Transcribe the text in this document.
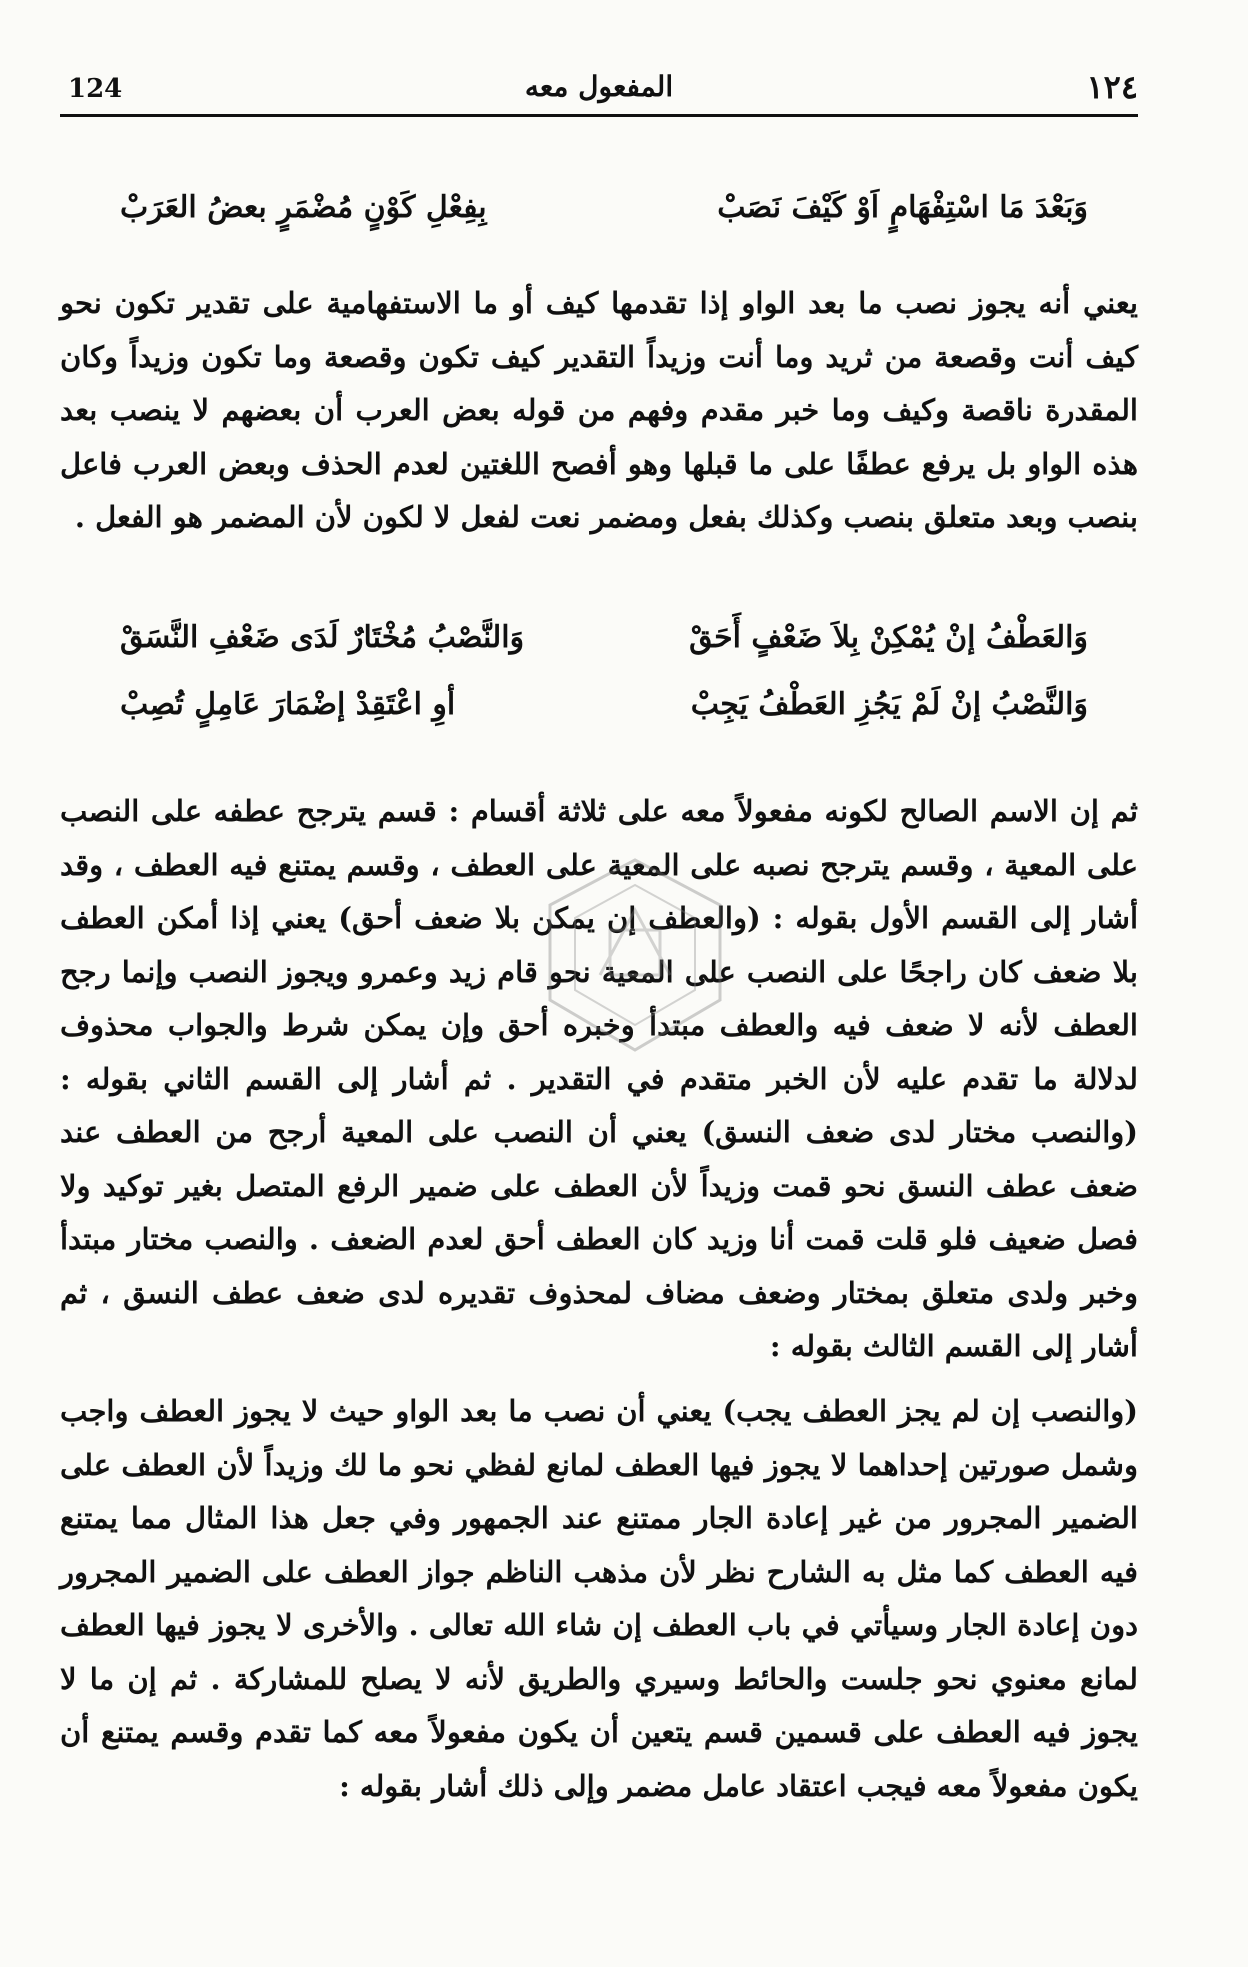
124	المفعول معه	١٢٤
وَبَعْدَ مَا اسْتِفْهَامٍ اَوْ كَيْفَ نَصَبْ
بِفِعْلِ كَوْنٍ مُضْمَرٍ بعضُ العَرَبْ
يعني أنه يجوز نصب ما بعد الواو إذا تقدمها كيف أو ما الاستفهامية على تقدير تكون نحو كيف أنت وقصعة من ثريد وما أنت وزيداً التقدير كيف تكون وقصعة وما تكون وزيداً وكان المقدرة ناقصة وكيف وما خبر مقدم وفهم من قوله بعض العرب أن بعضهم لا ينصب بعد هذه الواو بل يرفع عطفًا على ما قبلها وهو أفصح اللغتين لعدم الحذف وبعض العرب فاعل بنصب وبعد متعلق بنصب وكذلك بفعل ومضمر نعت لفعل لا لكون لأن المضمر هو الفعل .
وَالعَطْفُ إنْ يُمْكِنْ بِلاَ ضَعْفٍ أَحَقْ
وَالنَّصْبُ مُخْتَارٌ لَدَى ضَعْفِ النَّسَقْ
وَالنَّصْبُ إنْ لَمْ يَجُزِ العَطْفُ يَجِبْ
أوِ اعْتَقِدْ إضْمَارَ عَامِلٍ تُصِبْ
ثم إن الاسم الصالح لكونه مفعولاً معه على ثلاثة أقسام : قسم يترجح عطفه على النصب على المعية ، وقسم يترجح نصبه على المعية على العطف ، وقسم يمتنع فيه العطف ، وقد أشار إلى القسم الأول بقوله : (والعطف إن يمكن بلا ضعف أحق) يعني إذا أمكن العطف بلا ضعف كان راجحًا على النصب على المعية نحو قام زيد وعمرو ويجوز النصب وإنما رجح العطف لأنه لا ضعف فيه والعطف مبتدأ وخبره أحق وإن يمكن شرط والجواب محذوف لدلالة ما تقدم عليه لأن الخبر متقدم في التقدير . ثم أشار إلى القسم الثاني بقوله : (والنصب مختار لدى ضعف النسق) يعني أن النصب على المعية أرجح من العطف عند ضعف عطف النسق نحو قمت وزيداً لأن العطف على ضمير الرفع المتصل بغير توكيد ولا فصل ضعيف فلو قلت قمت أنا وزيد كان العطف أحق لعدم الضعف . والنصب مختار مبتدأ وخبر ولدى متعلق بمختار وضعف مضاف لمحذوف تقديره لدى ضعف عطف النسق ، ثم أشار إلى القسم الثالث بقوله :
(والنصب إن لم يجز العطف يجب) يعني أن نصب ما بعد الواو حيث لا يجوز العطف واجب وشمل صورتين إحداهما لا يجوز فيها العطف لمانع لفظي نحو ما لك وزيداً لأن العطف على الضمير المجرور من غير إعادة الجار ممتنع عند الجمهور وفي جعل هذا المثال مما يمتنع فيه العطف كما مثل به الشارح نظر لأن مذهب الناظم جواز العطف على الضمير المجرور دون إعادة الجار وسيأتي في باب العطف إن شاء الله تعالى . والأخرى لا يجوز فيها العطف لمانع معنوي نحو جلست والحائط وسيري والطريق لأنه لا يصلح للمشاركة . ثم إن ما لا يجوز فيه العطف على قسمين قسم يتعين أن يكون مفعولاً معه كما تقدم وقسم يمتنع أن يكون مفعولاً معه فيجب اعتقاد عامل مضمر وإلى ذلك أشار بقوله :
